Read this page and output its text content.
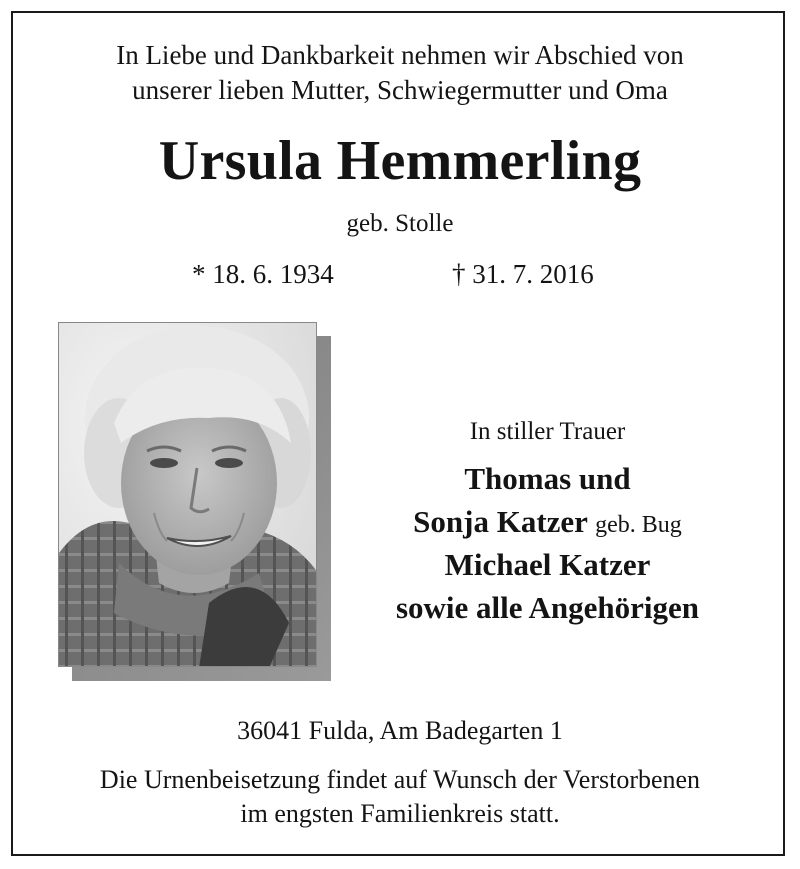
In Liebe und Dankbarkeit nehmen wir Abschied von
unserer lieben Mutter, Schwiegermutter und Oma
Ursula Hemmerling
geb. Stolle
* 18. 6. 1934	† 31. 7. 2016
In stiller Trauer
Thomas und
Sonja Katzer geb. Bug
Michael Katzer
sowie alle Angehörigen
36041 Fulda, Am Badegarten 1
Die Urnenbeisetzung findet auf Wunsch der Verstorbenen
im engsten Familienkreis statt.
